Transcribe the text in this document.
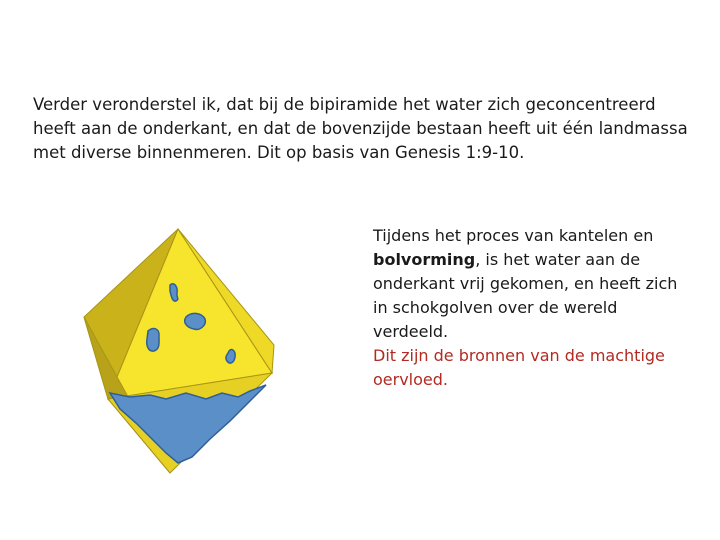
Verder veronderstel ik, dat bij de bipiramide het water zich geconcentreerd heeft aan de onderkant, en dat de bovenzijde bestaan heeft uit één landmassa met diverse binnenmeren. Dit op basis van Genesis 1:9-10.

Tijdens het proces van kantelen en bolvorming, is het water aan de onderkant vrij gekomen, en heeft zich in schokgolven over de wereld verdeeld.
Dit zijn de bronnen van de machtige oervloed.
